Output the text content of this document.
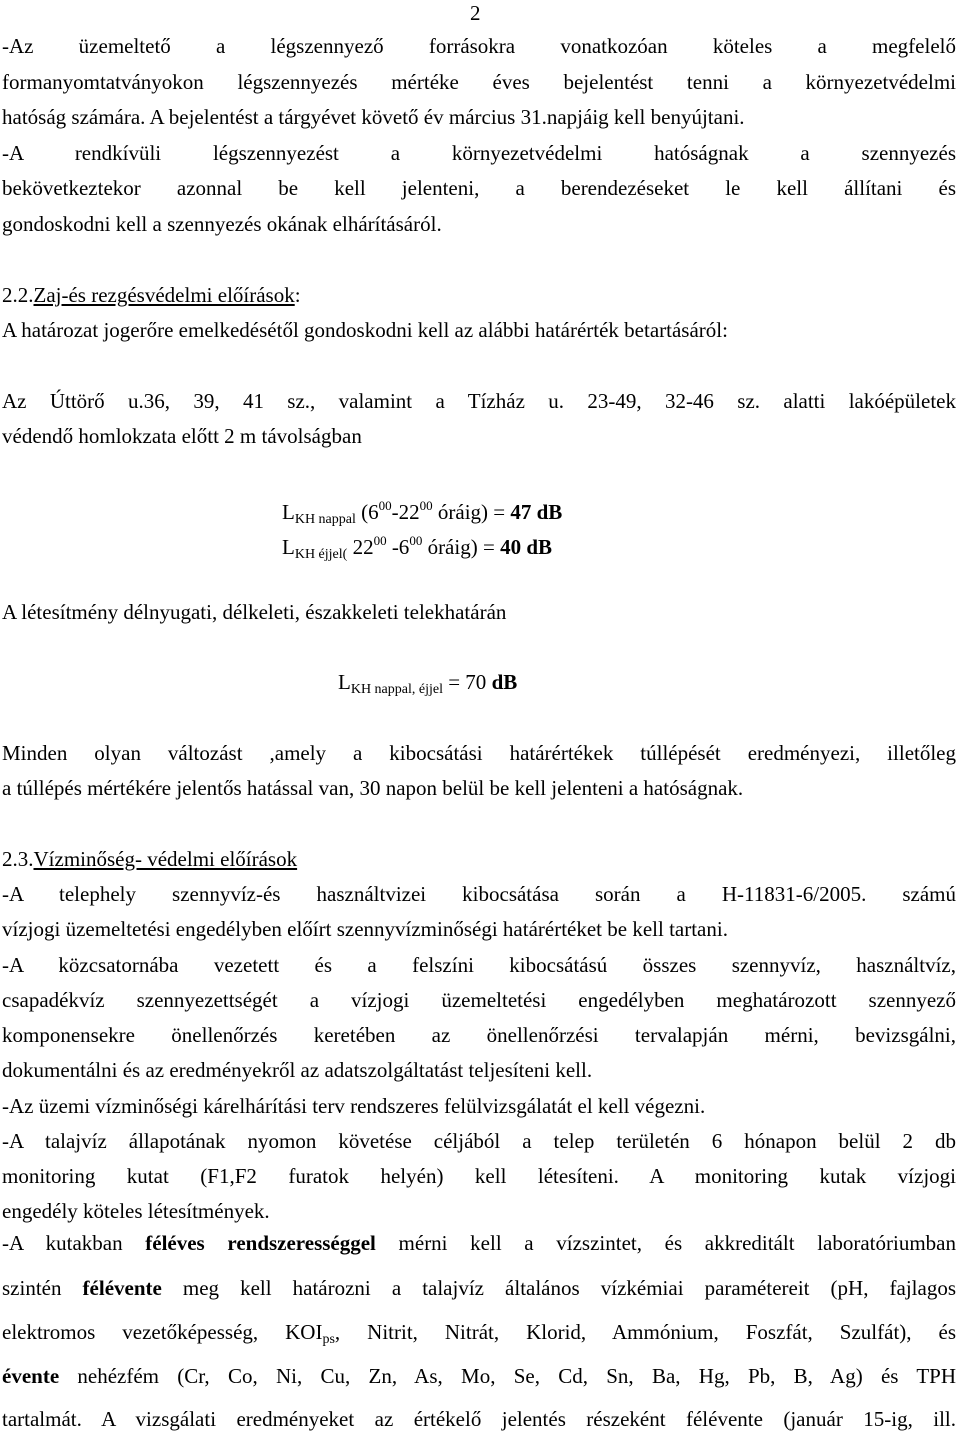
2
-Az üzemeltető a légszennyező forrásokra vonatkozóan köteles a megfelelő
formanyomtatványokon légszennyezés mértéke éves bejelentést tenni a környezetvédelmi
hatóság számára. A bejelentést a tárgyévet követő év március 31.napjáig kell benyújtani.
-A rendkívüli légszennyezést a környezetvédelmi hatóságnak a szennyezés
bekövetkeztekor azonnal be kell jelenteni, a berendezéseket le kell állítani és
gondoskodni kell a szennyezés okának elhárításáról.
2.2.Zaj-és rezgésvédelmi előírások:
A határozat jogerőre emelkedésétől gondoskodni kell az alábbi határérték betartásáról:
Az Úttörő u.36, 39, 41 sz., valamint a Tízház u. 23-49, 32-46 sz. alatti lakóépületek
védendő homlokzata előtt 2 m távolságban
$L_{KH nappal}$ ($6^{00}-22^{00}$ óráig) = 47 dB
$L_{KH éjjel(}$ $22^{00}$ $-6^{00}$ óráig) = 40 dB
A létesítmény délnyugati, délkeleti, északkeleti telekhatárán
$L_{KH nappal, éjjel} = 70$ dB
Minden olyan változást ,amely a kibocsátási határértékek túllépését eredményezi, illetőleg
a túllépés mértékére jelentős hatással van, 30 napon belül be kell jelenteni a hatóságnak.
2.3.Vízminőség- védelmi előírások
-A telephely szennyvíz-és használtvizei kibocsátása során a H-11831-6/2005. számú
vízjogi üzemeltetési engedélyben előírt szennyvízminőségi határértéket be kell tartani.
-A közcsatornába vezetett és a felszíni kibocsátású összes szennyvíz, használtvíz,
csapadékvíz szennyezettségét a vízjogi üzemeltetési engedélyben meghatározott szennyező
komponensekre önellenőrzés keretében az önellenőrzési tervalapján mérni, bevizsgálni,
dokumentálni és az eredményekről az adatszolgáltatást teljesíteni kell.
-Az üzemi vízminőségi kárelhárítási terv rendszeres felülvizsgálatát el kell végezni.
-A talajvíz állapotának nyomon követése céljából a telep területén 6 hónapon belül 2 db
monitoring kutat (F1,F2 furatok helyén) kell létesíteni. A monitoring kutak vízjogi
engedély köteles létesítmények.
-A kutakban féléves rendszerességgel mérni kell a vízszintet, és akkreditált laboratóriumban
szintén félévente meg kell határozni a talajvíz általános vízkémiai paramétereit (pH, fajlagos
elektromos vezetőképesség, $KOI_{ps}$, Nitrit, Nitrát, Klorid, Ammónium, Foszfát, Szulfát), és
évente nehézfém (Cr, Co, Ni, Cu, Zn, As, Mo, Se, Cd, Sn, Ba, Hg, Pb, B, Ag) és TPH
tartalmát. A vizsgálati eredményeket az értékelő jelentés részeként félévente (január 15-ig, ill.
